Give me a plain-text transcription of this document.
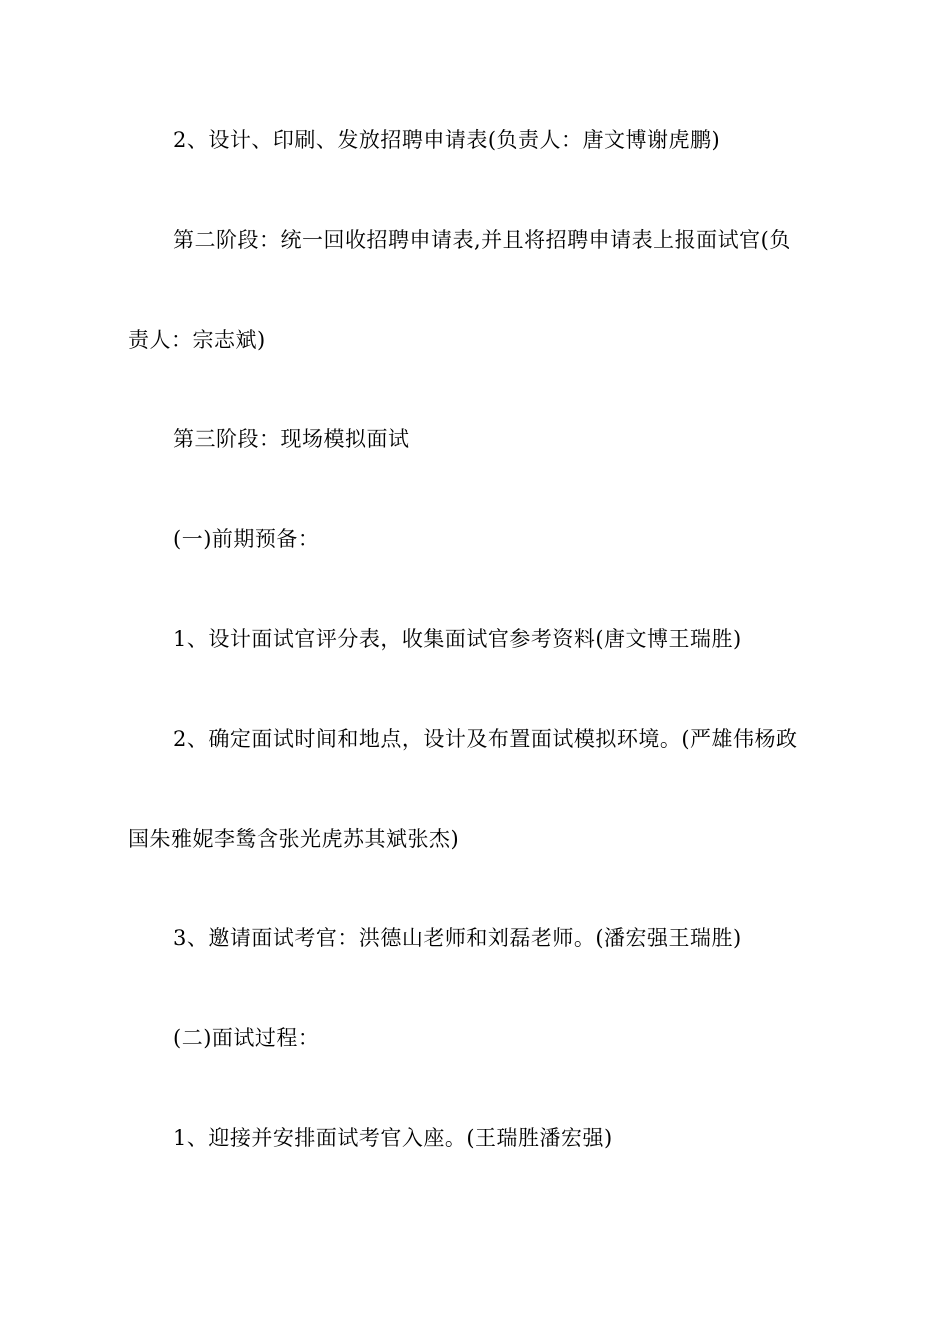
2、设计、印刷、发放招聘申请表(负责人：唐文博谢虎鹏)
第二阶段：统一回收招聘申请表,并且将招聘申请表上报面试官(负
责人：宗志斌)
第三阶段：现场模拟面试
(一)前期预备：
1、设计面试官评分表，收集面试官参考资料(唐文博王瑞胜)
2、确定面试时间和地点，设计及布置面试模拟环境。(严雄伟杨政
国朱雅妮李鸶含张光虎苏其斌张杰)
3、邀请面试考官：洪德山老师和刘磊老师。(潘宏强王瑞胜)
(二)面试过程：
1、迎接并安排面试考官入座。(王瑞胜潘宏强)
